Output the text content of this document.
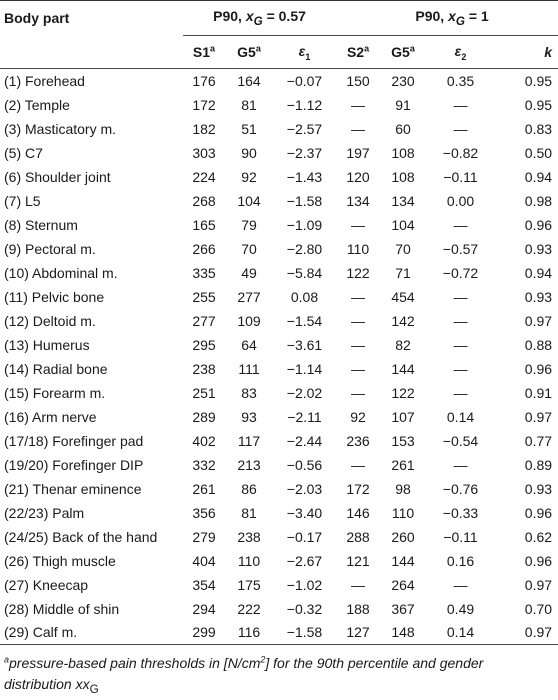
Body part	P90, $x_G = 0.57$			P90, $x_G = 1$			
	S1$^a$	G5$^a$	$\varepsilon_1$	S2$^a$	G5$^a$	$\varepsilon_2$	k
(1) Forehead	176	164	−0.07	150	230	0.35	0.95
(2) Temple	172	81	−1.12	—	91	—	0.95
(3) Masticatory m.	182	51	−2.57	—	60	—	0.83
(5) C7	303	90	−2.37	197	108	−0.82	0.50
(6) Shoulder joint	224	92	−1.43	120	108	−0.11	0.94
(7) L5	268	104	−1.58	134	134	0.00	0.98
(8) Sternum	165	79	−1.09	—	104	—	0.96
(9) Pectoral m.	266	70	−2.80	110	70	−0.57	0.93
(10) Abdominal m.	335	49	−5.84	122	71	−0.72	0.94
(11) Pelvic bone	255	277	0.08	—	454	—	0.93
(12) Deltoid m.	277	109	−1.54	—	142	—	0.97
(13) Humerus	295	64	−3.61	—	82	—	0.88
(14) Radial bone	238	111	−1.14	—	144	—	0.96
(15) Forearm m.	251	83	−2.02	—	122	—	0.91
(16) Arm nerve	289	93	−2.11	92	107	0.14	0.97
(17/18) Forefinger pad	402	117	−2.44	236	153	−0.54	0.77
(19/20) Forefinger DIP	332	213	−0.56	—	261	—	0.89
(21) Thenar eminence	261	86	−2.03	172	98	−0.76	0.93
(22/23) Palm	356	81	−3.40	146	110	−0.33	0.96
(24/25) Back of the hand	279	238	−0.17	288	260	−0.11	0.62
(26) Thigh muscle	404	110	−2.67	121	144	0.16	0.96
(27) Kneecap	354	175	−1.02	—	264	—	0.97
(28) Middle of shin	294	222	−0.32	188	367	0.49	0.70
(29) Calf m.	299	116	−1.58	127	148	0.14	0.97
$^a$pressure-based pain thresholds in $[N/cm^2]$ for the 90th percentile and gender distribution $xx_G$
